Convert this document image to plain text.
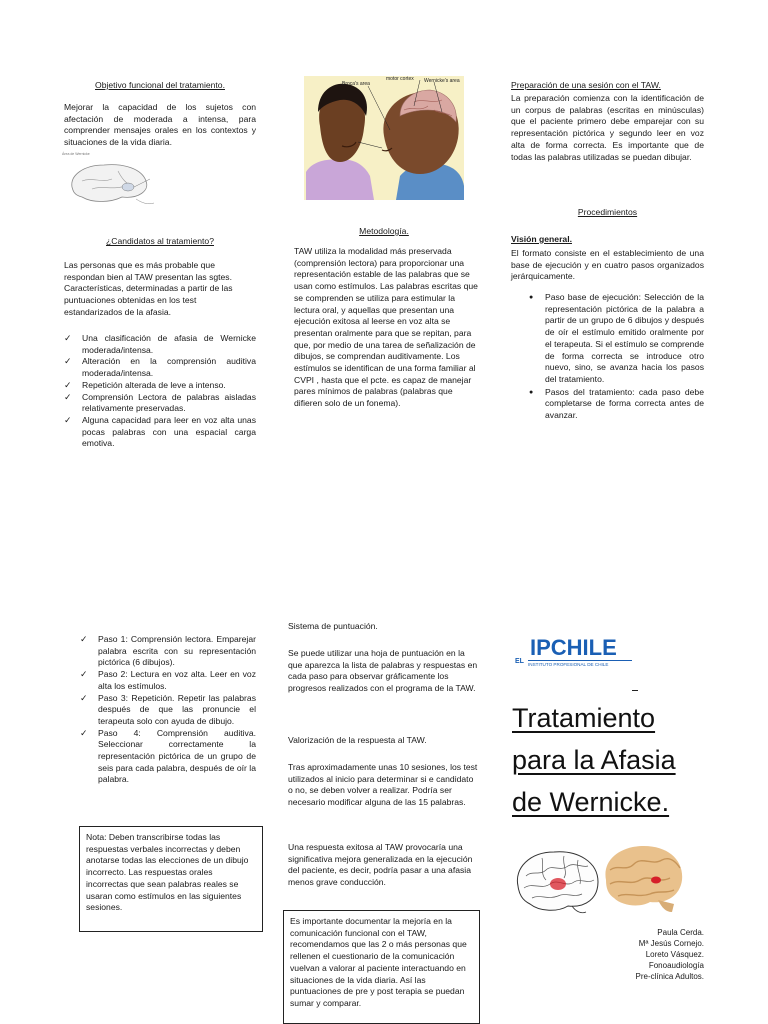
Objetivo funcional del tratamiento.
Mejorar la capacidad de los sujetos con afectación de moderada a intensa, para comprender mensajes orales en los contextos y situaciones de la vida diaria.
Área de Wernicke
¿Candidatos al tratamiento?
Las personas que es más probable que respondan bien al TAW presentan las sgtes. Características, determinadas a partir de las puntuaciones obtenidas en los test estandarizados de la afasia.
✓ Una clasificación de afasia de Wernicke moderada/intensa.
✓ Alteración en la comprensión auditiva moderada/intensa.
✓ Repetición alterada de leve a intenso.
✓ Comprensión Lectora de palabras aisladas relativamente preservadas.
✓ Alguna capacidad para leer en voz alta unas pocas palabras con una espacial carga emotiva.
Broca's area
motor cortex Wernicke's area
Metodología.
TAW utiliza la modalidad más preservada (comprensión lectora) para proporcionar una representación estable de las palabras que se usan como estímulos. Las palabras escritas que se comprenden se utiliza para estimular la lectura oral, y aquellas que presentan una ejecución exitosa al leerse en voz alta se presentan oralmente para que se repitan, para que, por medio de una tarea de señalización de dibujos, se comprendan auditivamente. Los estímulos se identifican de una forma familiar al CVPI , hasta que el pcte. es capaz de manejar pares mínimos de palabras (palabras que difieren solo de un fonema).
Preparación de una sesión con el TAW.
La preparación comienza con la identificación de un corpus de palabras (escritas en minúsculas) que el paciente primero debe emparejar con su representación pictórica y segundo leer en voz alta de forma correcta. Es importante que de todas las palabras utilizadas se puedan dibujar.
Procedimientos
Visión general.
El formato consiste en el establecimiento de una base de ejecución y en cuatro pasos organizados jerárquicamente.
● Paso base de ejecución: Selección de la representación pictórica de la palabra a partir de un grupo de 6 dibujos y después de oír el estímulo emitido oralmente por el terapeuta. Si el estímulo se comprende de forma correcta se introduce otro nuevo, sino, se avanza hacia los pasos del tratamiento.
● Pasos del tratamiento: cada paso debe completarse de forma correcta antes de avanzar.
✓ Paso 1: Comprensión lectora. Emparejar palabra escrita con su representación pictórica (6 dibujos).
✓ Paso 2: Lectura en voz alta. Leer en voz alta los estímulos.
✓ Paso 3: Repetición. Repetir las palabras después de que las pronuncie el terapeuta solo con ayuda de dibujo.
✓ Paso 4: Comprensión auditiva. Seleccionar correctamente la representación pictórica de un grupo de seis para cada palabra, después de oír la palabra.
Nota: Deben transcribirse todas las respuestas verbales incorrectas y deben anotarse todas las elecciones de un dibujo incorrecto. Las respuestas orales incorrectas que sean palabras reales se usaran como estímulos en las siguientes sesiones.
Sistema de puntuación.
Se puede utilizar una hoja de puntuación en la que aparezca la lista de palabras y respuestas en cada paso para observar gráficamente los progresos realizados con el programa de la TAW.
Valorización de la respuesta al TAW.
Tras aproximadamente unas 10 sesiones, los test utilizados al inicio para determinar si e candidato o no, se deben volver a realizar. Podría ser necesario modificar alguna de las 15 palabras.
Una respuesta exitosa al TAW provocaría una significativa mejora generalizada en la ejecución del paciente, es decir, podría pasar a una afasia menos grave conducción.
Es importante documentar la mejoría en la comunicación funcional con el TAW, recomendamos que las 2 o más personas que rellenen el cuestionario de la comunicación vuelvan a valorar al paciente interactuando en situaciones de la vida diaria. Así las puntuaciones de pre y post terapia se puedan sumar y comparar.
IPCHILE
EL INSTITUTO PROFESIONAL DE CHILE
Tratamiento
para la Afasia
de Wernicke.
Paula Cerda.
Mª Jesús Cornejo.
Loreto Vásquez.
Fonoaudiología
Pre-clínica Adultos.
